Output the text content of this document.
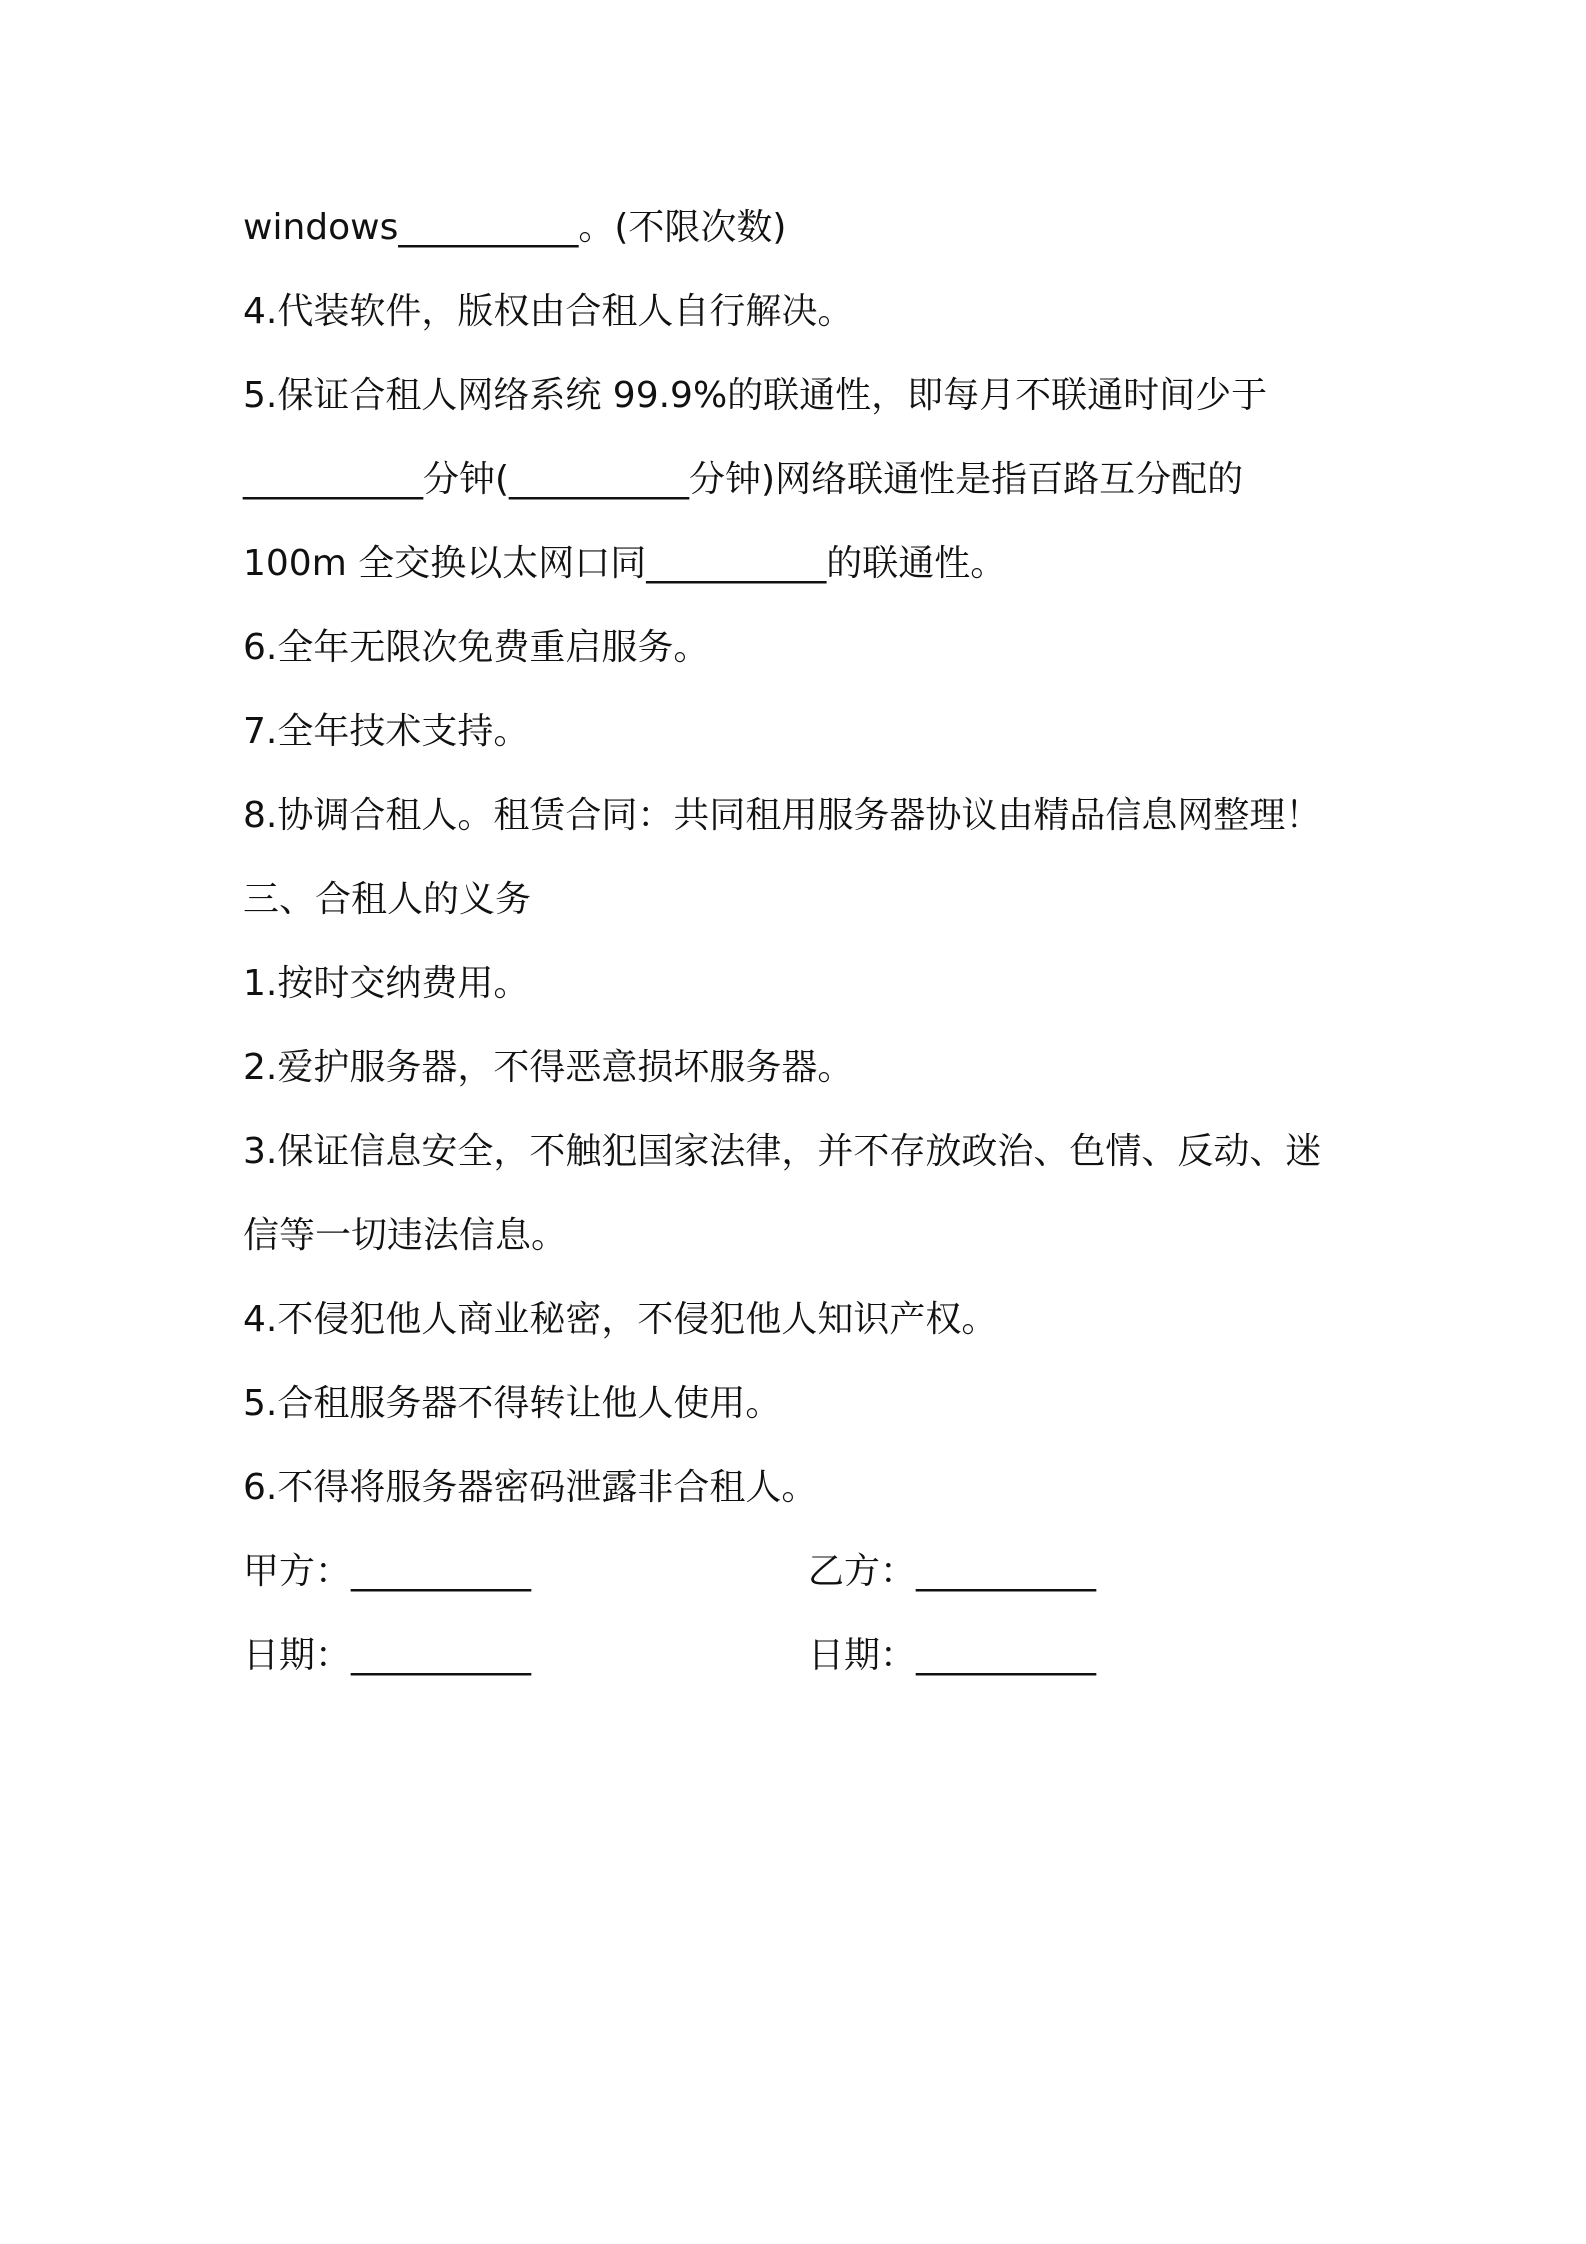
windows__________。(不限次数)
4.代装软件，版权由合租人自行解决。
5.保证合租人网络系统 99.9%的联通性，即每月不联通时间少于
__________分钟(__________分钟)网络联通性是指百路互分配的
100m 全交换以太网口同__________的联通性。
6.全年无限次免费重启服务。
7.全年技术支持。
8.协调合租人。租赁合同：共同租用服务器协议由精品信息网整理！
三、合租人的义务
1.按时交纳费用。
2.爱护服务器，不得恶意损坏服务器。
3.保证信息安全，不触犯国家法律，并不存放政治、色情、反动、迷
信等一切违法信息。
4.不侵犯他人商业秘密，不侵犯他人知识产权。
5.合租服务器不得转让他人使用。
6.不得将服务器密码泄露非合租人。
甲方：__________	乙方：__________
日期：__________	日期：__________
